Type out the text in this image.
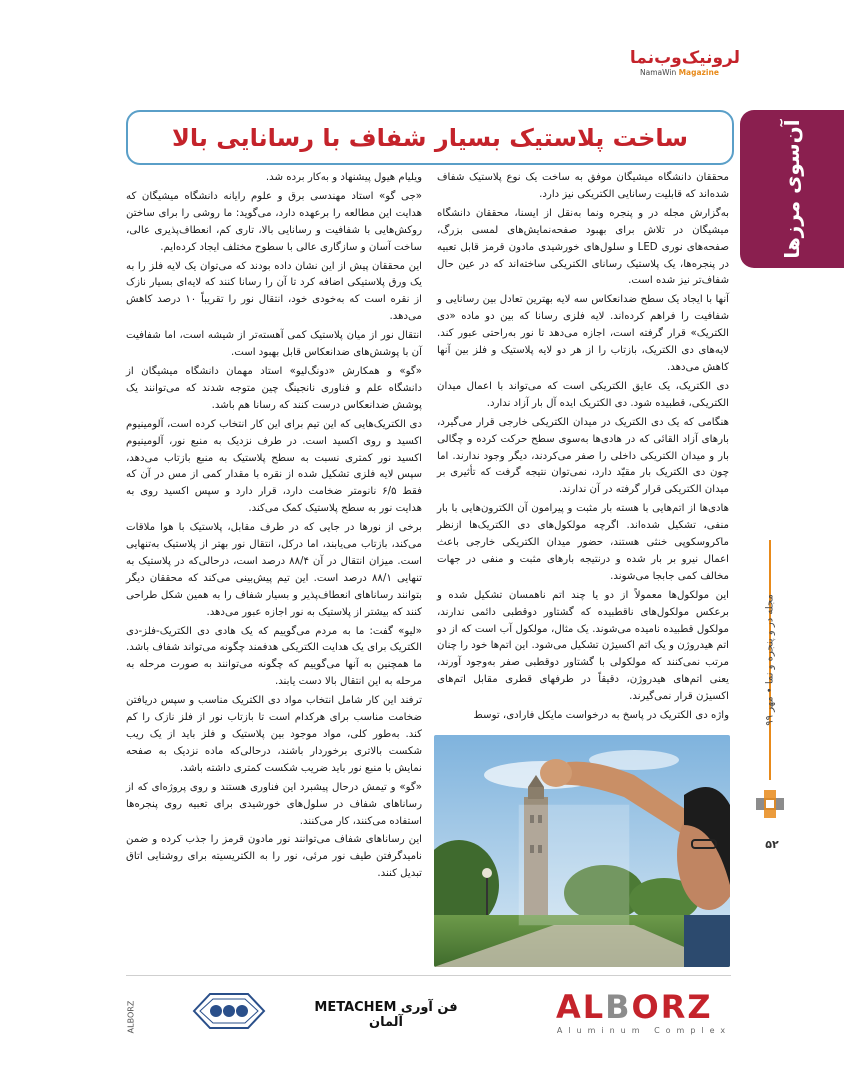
لرونیک‌وب‌نما
NamaWin Magazine
آن‌سوی مرزها
ساخت پلاستیک بسیار شفاف با رسانایی بالا

محققان دانشگاه میشیگان موفق به ساخت یک نوع پلاستیک شفاف شده‌اند که قابلیت رسانایی الکتریکی نیز دارد.

به‌گزارش مجله در و پنجره ونما به‌نقل از ایسنا، محققان دانشگاه میشیگان در تلاش برای بهبود صفحه‌نمایش‌های لمسی بزرگ، صفحه‌های نوری LED و سلول‌های خورشیدی مادون قرمز قابل تعبیه در پنجره‌ها، یک پلاستیک رسانای الکتریکی ساخته‌اند که در عین حال شفاف‌تر نیز شده است.

آنها با ایجاد یک سطح ضدانعکاس سه لایه بهترین تعادل بین رسانایی و شفافیت را فراهم کرده‌اند. لایه فلزی رسانا که بین دو ماده «دی الکتریک» قرار گرفته است، اجازه می‌دهد تا نور به‌راحتی عبور کند. لایه‌های دی الکتریک، بازتاب را از هر دو لایه پلاستیک و فلز بین آنها کاهش می‌دهد.

دی الکتریک، یک عایق الکتریکی است که می‌تواند با اعمال میدان الکتریکی، قطبیده شود. دی الکتریک ایده آل بار آزاد ندارد.

هنگامی که یک دی الکتریک در میدان الکتریکی خارجی قرار می‌گیرد، بارهای آزاد القائی که در هادی‌ها به‌سوی سطح حرکت کرده و چگالی بار و میدان الکتریکی داخلی را صفر می‌کردند، دیگر وجود ندارند. اما چون دی الکتریک بار مقیّد دارد، نمی‌توان نتیجه گرفت که تأثیری بر میدان الکتریکی قرار گرفته در آن ندارند.

هادی‌ها از اتم‌هایی با هسته بار مثبت و پیرامون آن الکترون‌هایی با بار منفی، تشکیل شده‌اند. اگرچه مولکول‌های دی الکتریک‌ها از‌نظر ماکروسکوپی خنثی هستند، حضور میدان الکتریکی خارجی باعث اعمال نیرو بر بار شده و درنتیجه بارهای مثبت و منفی در جهات مخالف کمی جابجا می‌شوند.

این مولکول‌ها معمولاً از دو یا چند اتم ناهمسان تشکیل شده و برعکس مولکول‌های ناقطبیده که گشتاور دوقطبی دائمی ندارند، مولکول قطبیده نامیده می‌شوند. یک مثال، مولکول آب است که از دو اتم هیدروژن و یک اتم اکسیژن تشکیل می‌شود. این اتم‌ها خود را چنان مرتب نمی‌کنند که مولکولی با گشتاور دوقطبی صفر به‌وجود آورند، یعنی اتم‌های هیدروژن، دقیقاً در طرفهای قطری مقابل اتم‌های اکسیژن قرار نمی‌گیرند.

واژه دی الکتریک در پاسخ به درخواست مایکل فارادی، توسط

ویلیام هیول پیشنهاد و به‌کار برده شد.

«جی گو» استاد مهندسی برق و علوم رایانه دانشگاه میشیگان که هدایت این مطالعه را برعهده دارد، می‌گوید: ما روشی را برای ساختن روکش‌هایی با شفافیت و رسانایی بالا، تاری کم، انعطاف‌پذیری عالی، ساخت آسان و سازگاری عالی با سطوح مختلف ایجاد کرده‌ایم.

این محققان پیش از این نشان داده بودند که می‌توان یک لایه فلز را به یک ورق پلاستیکی اضافه کرد تا آن را رسانا کنند که لایه‌ای بسیار نازک از نقره است که به‌خودی خود، انتقال نور را تقریباً ۱۰ درصد کاهش می‌دهد.

انتقال نور از میان پلاستیک کمی آهسته‌تر از شیشه است، اما شفافیت آن با پوشش‌های ضدانعکاس قابل بهبود است.

«گو» و همکارش «دونگ‌لیو» استاد مهمان دانشگاه میشیگان از دانشگاه علم و فناوری نانجینگ چین متوجه شدند که می‌توانند یک پوشش ضدانعکاس درست کنند که رسانا هم باشد.

دی الکتریک‌هایی که این تیم برای این کار انتخاب کرده است، آلومینیوم اکسید و روی اکسید است. در طرف نزدیک به منبع نور، آلومینیوم اکسید نور کمتری نسبت به سطح پلاستیک به منبع بازتاب می‌دهد، سپس لایه فلزی تشکیل شده از نقره با مقدار کمی از مس در آن که فقط ۶/۵ نانومتر ضخامت دارد، قرار دارد و سپس اکسید روی به هدایت نور به سطح پلاستیک کمک می‌کند.

برخی از نورها در جایی که در طرف مقابل، پلاستیک با هوا ملاقات می‌کند، بازتاب می‌یابند، اما درکل، انتقال نور بهتر از پلاستیک به‌تنهایی است. میزان انتقال در آن ۸۸/۴ درصد است، درحالی‌که در پلاستیک به تنهایی ۸۸/۱ درصد است. این تیم پیش‌بینی می‌کند که محققان دیگر بتوانند رساناهای انعطاف‌پذیر و بسیار شفاف را به همین شکل طراحی کنند که بیشتر از پلاستیک به نور اجازه عبور می‌دهد.

«لیو» گفت: ما به مردم می‌گوییم که یک هادی دی الکتریک-فلز-دی الکتریک برای یک هدایت الکتریکی هدفمند چگونه می‌تواند شفاف باشد. ما همچنین به آنها می‌گوییم که چگونه می‌توانند به صورت مرحله به مرحله به این انتقال بالا دست یابند.

ترفند این کار شامل انتخاب مواد دی الکتریک مناسب و سپس دریافتن ضخامت مناسب برای هرکدام است تا بازتاب نور از فلز نازک را کم کند. به‌طور کلی، مواد موجود بین پلاستیک و فلز باید از یک ریب شکست بالاتری برخوردار باشند، درحالی‌که ماده نزدیک به صفحه نمایش با منبع نور باید ضریب شکست کمتری داشته باشد.

«گو» و تیمش درحال پیشبرد این فناوری هستند و روی پروژه‌ای که از رساناهای شفاف در سلول‌های خورشیدی برای تعبیه روی پنجره‌ها استفاده می‌کنند، کار می‌کنند.

این رساناهای شفاف می‌توانند نور مادون قرمز را جذب کرده و ضمن نامیدگرفتن طیف نور مرئی، نور را به الکتریسیته برای روشنایی اتاق تبدیل کنند.

مجله در و پنجره و نما • مهر ۹۹
۵۲
ALBORZ	فن آوری METACHEM آلمان	AL B O RZ
Aluminum Complex
